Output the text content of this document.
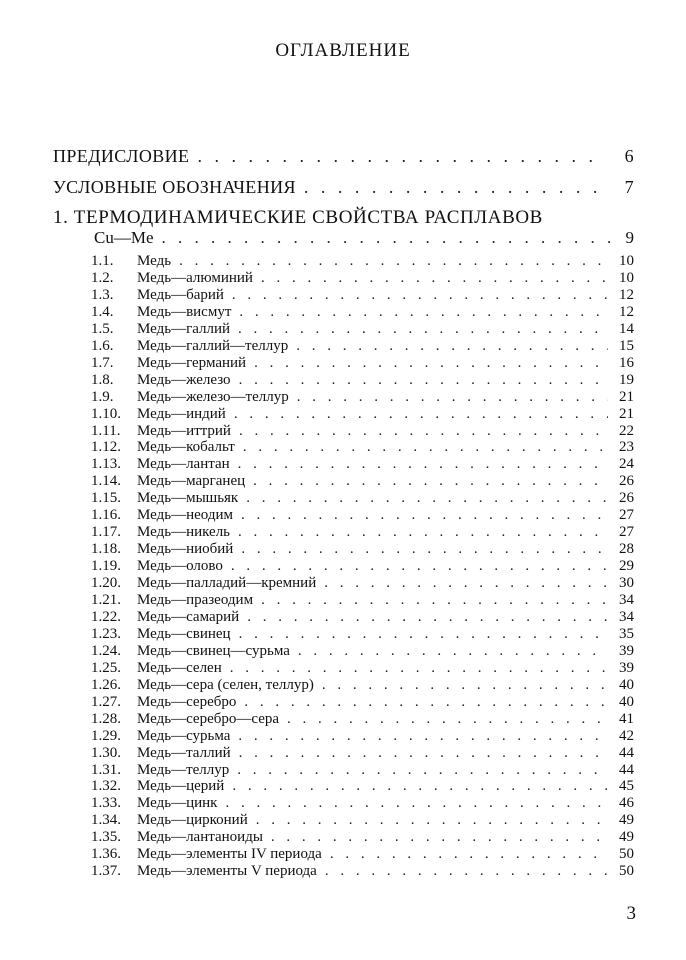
ОГЛАВЛЕНИЕ
ПРЕДИСЛОВИЕ . . .	6
УСЛОВНЫЕ ОБОЗНАЧЕНИЯ . . .	7
1. ТЕРМОДИНАМИЧЕСКИЕ СВОЙСТВА РАСПЛАВОВ
Cu—Me . . .	9
1.1. Медь . . .	10
1.2. Медь—алюминий . . .	10
1.3. Медь—барий . . .	12
1.4. Медь—висмут . . .	12
1.5. Медь—галлий . . .	14
1.6. Медь—галлий—теллур . . .	15
1.7. Медь—германий . . .	16
1.8. Медь—железо . . .	19
1.9. Медь—железо—теллур . . .	21
1.10. Медь—индий . . .	21
1.11. Медь—иттрий . . .	22
1.12. Медь—кобальт . . .	23
1.13. Медь—лантан . . .	24
1.14. Медь—марганец . . .	26
1.15. Медь—мышьяк . . .	26
1.16. Медь—неодим . . .	27
1.17. Медь—никель . . .	27
1.18. Медь—ниобий . . .	28
1.19. Медь—олово . . .	29
1.20. Медь—палладий—кремний . . .	30
1.21. Медь—празеодим . . .	34
1.22. Медь—самарий . . .	34
1.23. Медь—свинец . . .	35
1.24. Медь—свинец—сурьма . . .	39
1.25. Медь—селен . . .	39
1.26. Медь—сера (селен, теллур) . . .	40
1.27. Медь—серебро . . .	40
1.28. Медь—серебро—сера . . .	41
1.29. Медь—сурьма . . .	42
1.30. Медь—таллий . . .	44
1.31. Медь—теллур . . .	44
1.32. Медь—церий . . .	45
1.33. Медь—цинк . . .	46
1.34. Медь—цирконий . . .	49
1.35. Медь—лантаноиды . . .	49
1.36. Медь—элементы IV периода . . .	50
1.37. Медь—элементы V периода . . .	50
3
